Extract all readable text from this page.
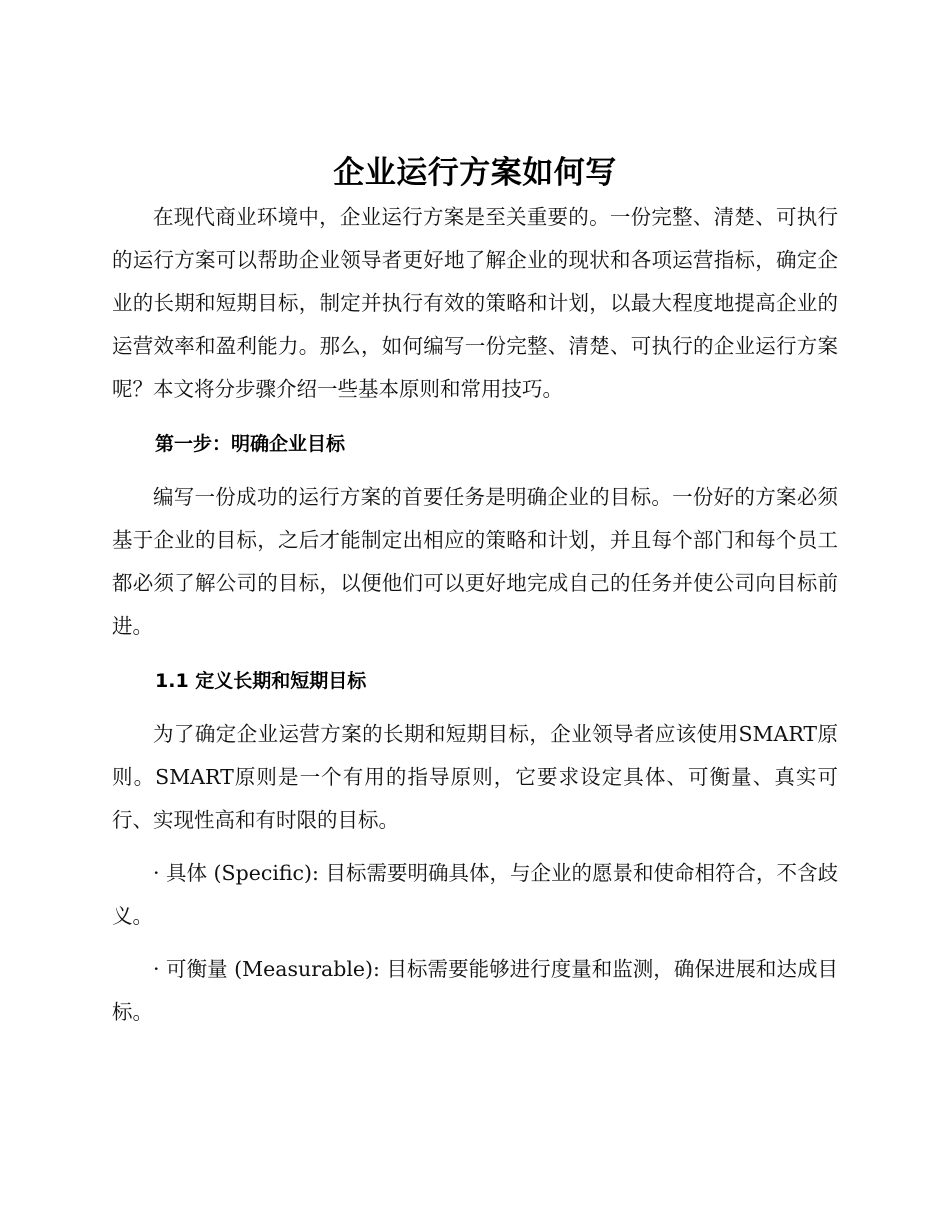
企业运行方案如何写

在现代商业环境中，企业运行方案是至关重要的。一份完整、清楚、可执行的运行方案可以帮助企业领导者更好地了解企业的现状和各项运营指标，确定企业的长期和短期目标，制定并执行有效的策略和计划，以最大程度地提高企业的运营效率和盈利能力。那么，如何编写一份完整、清楚、可执行的企业运行方案呢？本文将分步骤介绍一些基本原则和常用技巧。

第一步：明确企业目标

编写一份成功的运行方案的首要任务是明确企业的目标。一份好的方案必须基于企业的目标，之后才能制定出相应的策略和计划，并且每个部门和每个员工都必须了解公司的目标，以便他们可以更好地完成自己的任务并使公司向目标前进。

1.1 定义长期和短期目标

为了确定企业运营方案的长期和短期目标，企业领导者应该使用SMART原则。SMART原则是一个有用的指导原则，它要求设定具体、可衡量、真实可行、实现性高和有时限的目标。

· 具体 (Specific): 目标需要明确具体，与企业的愿景和使命相符合，不含歧义。

· 可衡量 (Measurable): 目标需要能够进行度量和监测，确保进展和达成目标。
